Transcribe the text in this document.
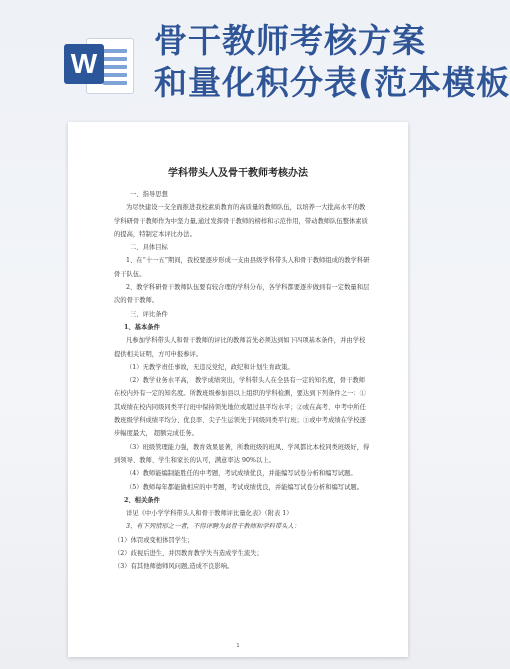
W
骨干教师考核方案
和量化积分表(范本模板
学科带头人及骨干教师考核办法

一、指导思想

为尽快建设一支全面推进我校素质教育的高质量的教师队伍，以培养一大批高水平的教学科研骨干教师作为中坚力量,通过发挥骨干教师的榜样和示范作用，带动教师队伍整体素质的提高，特制定本评比办法。

二、具体目标

1、在“十一五”期间，我校要逐步形成一支由县级学科带头人和骨干教师组成的教学科研骨干队伍。

2、教学科研骨干教师队伍要有较合理的学科分布，各学科都要逐步做到有一定数量和层次的骨干教师。

三、评比条件

1、基本条件

凡参加学科带头人和骨干教师的评比的教师首先必须达到如下四项基本条件，并由学校提供相关证明，方可申报参评。

（1）无教学责任事故，无违反党纪，政纪和计划生育政策。

（2）教学业务水平高， 教学成绩突出，学科带头人在全县有一定的知名度，骨干教师在校内外有一定的知名度。所教班级参加县以上组织的学科检测，要达到下列条件之一：①其成绩在校内同级同类平行班中保持领先地位或超过县平均水平；②或在高考、中考中所任教班级学科成绩平均分、优良率、尖子生运领先于同级同类平行班；③或中考成绩在学校逐步幅度最大， 超额完成任务。

（3）班级管理能力强，教育效果显著，所教班级的班风、学风都比本校同类班级好，得到领导、教师、学生和家长的认可，满意率达 90%以上。

（4）教师能编制能胜任的中考题，考试成绩优良，并能编写试卷分析和编写试题。

（5）教师每年都能做相应的中考题，考试成绩优良，并能编写试卷分析和编写试题。

2、相关条件

详见《中小学学科带头人和骨干教师评比量化表》（附表 1）

3、有下列情形之一者，不得评聘为县骨干教师和学科带头人：

（1）体罚或变相体罚学生；

（2）歧视后进生，并因教育教学失当造成学生流失；

（3）有其他师德师风问题,造成不良影响。

1
